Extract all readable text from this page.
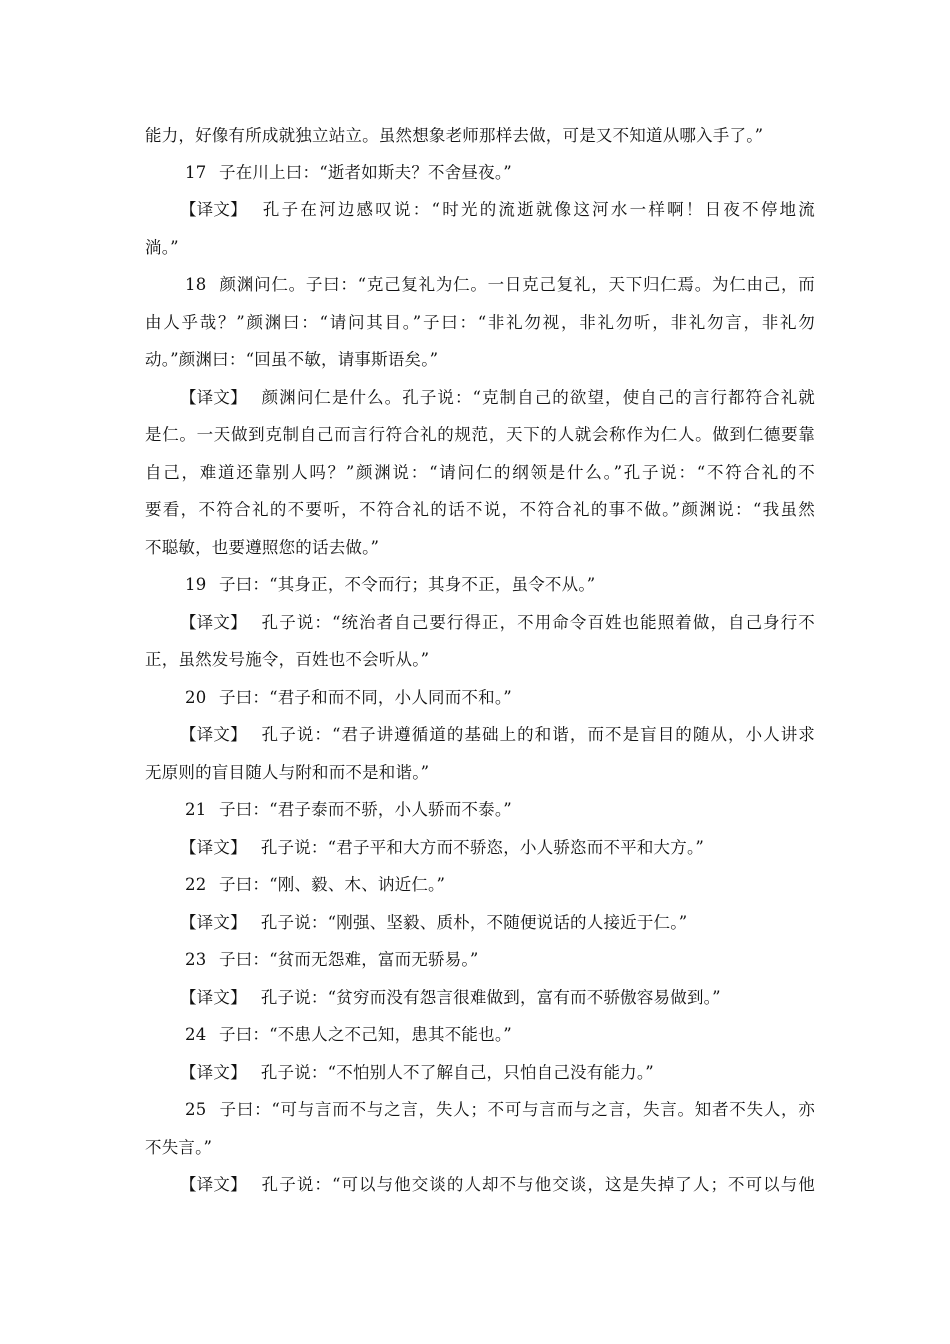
能力，好像有所成就独立站立。虽然想象老师那样去做，可是又不知道从哪入手了。”
17 子在川上曰：“逝者如斯夫？不舍昼夜。”
【译文】 孔子在河边感叹说：“时光的流逝就像这河水一样啊！日夜不停地流
淌。”
18 颜渊问仁。子曰：“克己复礼为仁。一日克己复礼，天下归仁焉。为仁由己，而
由人乎哉？”颜渊曰：“请问其目。”子曰：“非礼勿视，非礼勿听，非礼勿言，非礼勿
动。”颜渊曰：“回虽不敏，请事斯语矣。”
【译文】 颜渊问仁是什么。孔子说：“克制自己的欲望，使自己的言行都符合礼就
是仁。一天做到克制自己而言行符合礼的规范，天下的人就会称作为仁人。做到仁德要靠
自己，难道还靠别人吗？”颜渊说：“请问仁的纲领是什么。”孔子说：“不符合礼的不
要看，不符合礼的不要听，不符合礼的话不说，不符合礼的事不做。”颜渊说：“我虽然
不聪敏，也要遵照您的话去做。”
19 子曰：“其身正，不令而行；其身不正，虽令不从。”
【译文】 孔子说：“统治者自己要行得正，不用命令百姓也能照着做，自己身行不
正，虽然发号施令，百姓也不会听从。”
20 子曰：“君子和而不同，小人同而不和。”
【译文】 孔子说：“君子讲遵循道的基础上的和谐，而不是盲目的随从，小人讲求
无原则的盲目随人与附和而不是和谐。”
21 子曰：“君子泰而不骄，小人骄而不泰。”
【译文】 孔子说：“君子平和大方而不骄恣，小人骄恣而不平和大方。”
22 子曰：“刚、毅、木、讷近仁。”
【译文】 孔子说：“刚强、坚毅、质朴，不随便说话的人接近于仁。”
23 子曰：“贫而无怨难，富而无骄易。”
【译文】 孔子说：“贫穷而没有怨言很难做到，富有而不骄傲容易做到。”
24 子曰：“不患人之不己知，患其不能也。”
【译文】 孔子说：“不怕别人不了解自己，只怕自己没有能力。”
25 子曰：“可与言而不与之言，失人；不可与言而与之言，失言。知者不失人，亦
不失言。”
【译文】 孔子说：“可以与他交谈的人却不与他交谈，这是失掉了人；不可以与他
